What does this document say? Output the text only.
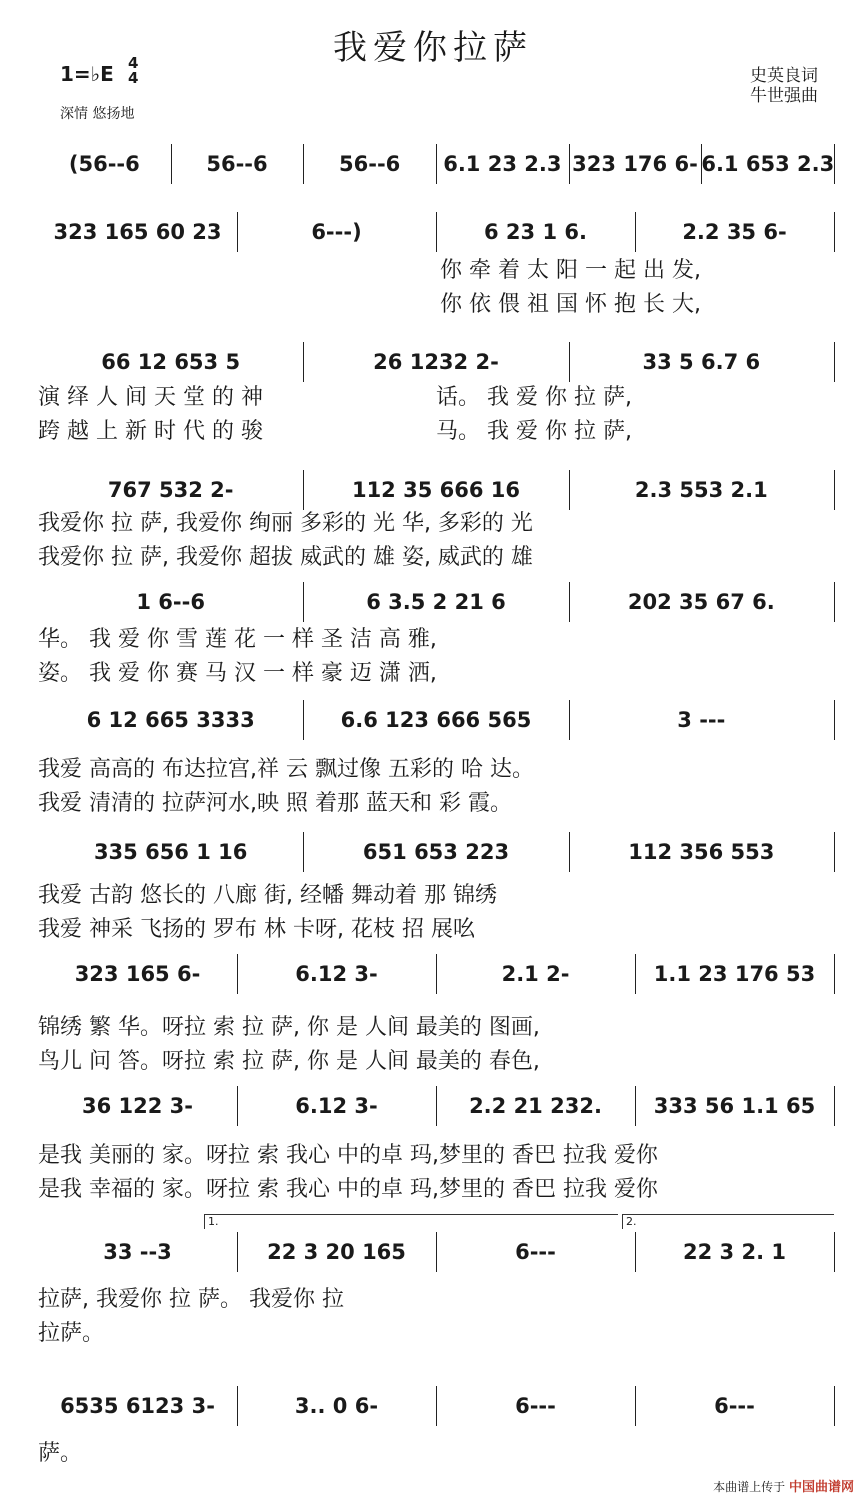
我爱你拉萨
1=♭E 4
4
深情 悠扬地
史英良词
牛世强曲
(56--6	56--6	56--6	6.1 23 2.3 323 176 6- 6.1 653 2.3
323 165 60 23	6---)	6 23 1 6.	2.2 35 6-
66 12 653 5	26 1232 2-	33 5 6.7 6
767 532 2-	112 35 666 16	2.3 553 2.1
1 6--6	6 3.5 2 21 6	202 35 67 6.
6 12 665 3333	6.6 123 666 565	3 ---
335 656 1 16	651 653 223	112 356 553
323 165 6-	6.12 3-	2.1 2-	1.1 23 176 53
36 122 3-	6.12 3-	2.2 21 232.	333 56 1.1 65
33 --3	22 3 20 165	6---	22 3 2. 1
6535 6123 3-	3.. 0 6-	6---	6---
1.	2.
你 牵 着 太 阳 一 起 出 发,
你 依 偎 祖 国 怀 抱 长 大,
演 绎 人 间 天 堂 的 神	话。 我 爱 你 拉 萨,
跨 越 上 新 时 代 的 骏	马。 我 爱 你 拉 萨,
我爱你 拉 萨, 我爱你 绚丽 多彩的 光 华, 多彩的 光
我爱你 拉 萨, 我爱你 超拔 威武的 雄 姿, 威武的 雄
华。 我 爱 你 雪 莲 花 一 样 圣 洁 高 雅,
姿。 我 爱 你 赛 马 汉 一 样 豪 迈 潇 洒,
我爱 高高的 布达拉宫,祥 云 飘过像 五彩的 哈 达。
我爱 清清的 拉萨河水,映 照 着那 蓝天和 彩 霞。
我爱 古韵 悠长的 八廊 街, 经幡 舞动着 那 锦绣
我爱 神采 飞扬的 罗布 林 卡呀, 花枝 招 展吆
锦绣 繁 华。呀拉 索 拉 萨, 你 是 人间 最美的 图画,
鸟儿 问 答。呀拉 索 拉 萨, 你 是 人间 最美的 春色,
是我 美丽的 家。呀拉 索 我心 中的卓 玛,梦里的 香巴 拉我 爱你
是我 幸福的 家。呀拉 索 我心 中的卓 玛,梦里的 香巴 拉我 爱你
拉萨, 我爱你 拉 萨。 我爱你 拉
拉萨。
萨。
本曲谱上传于 中国曲谱网
